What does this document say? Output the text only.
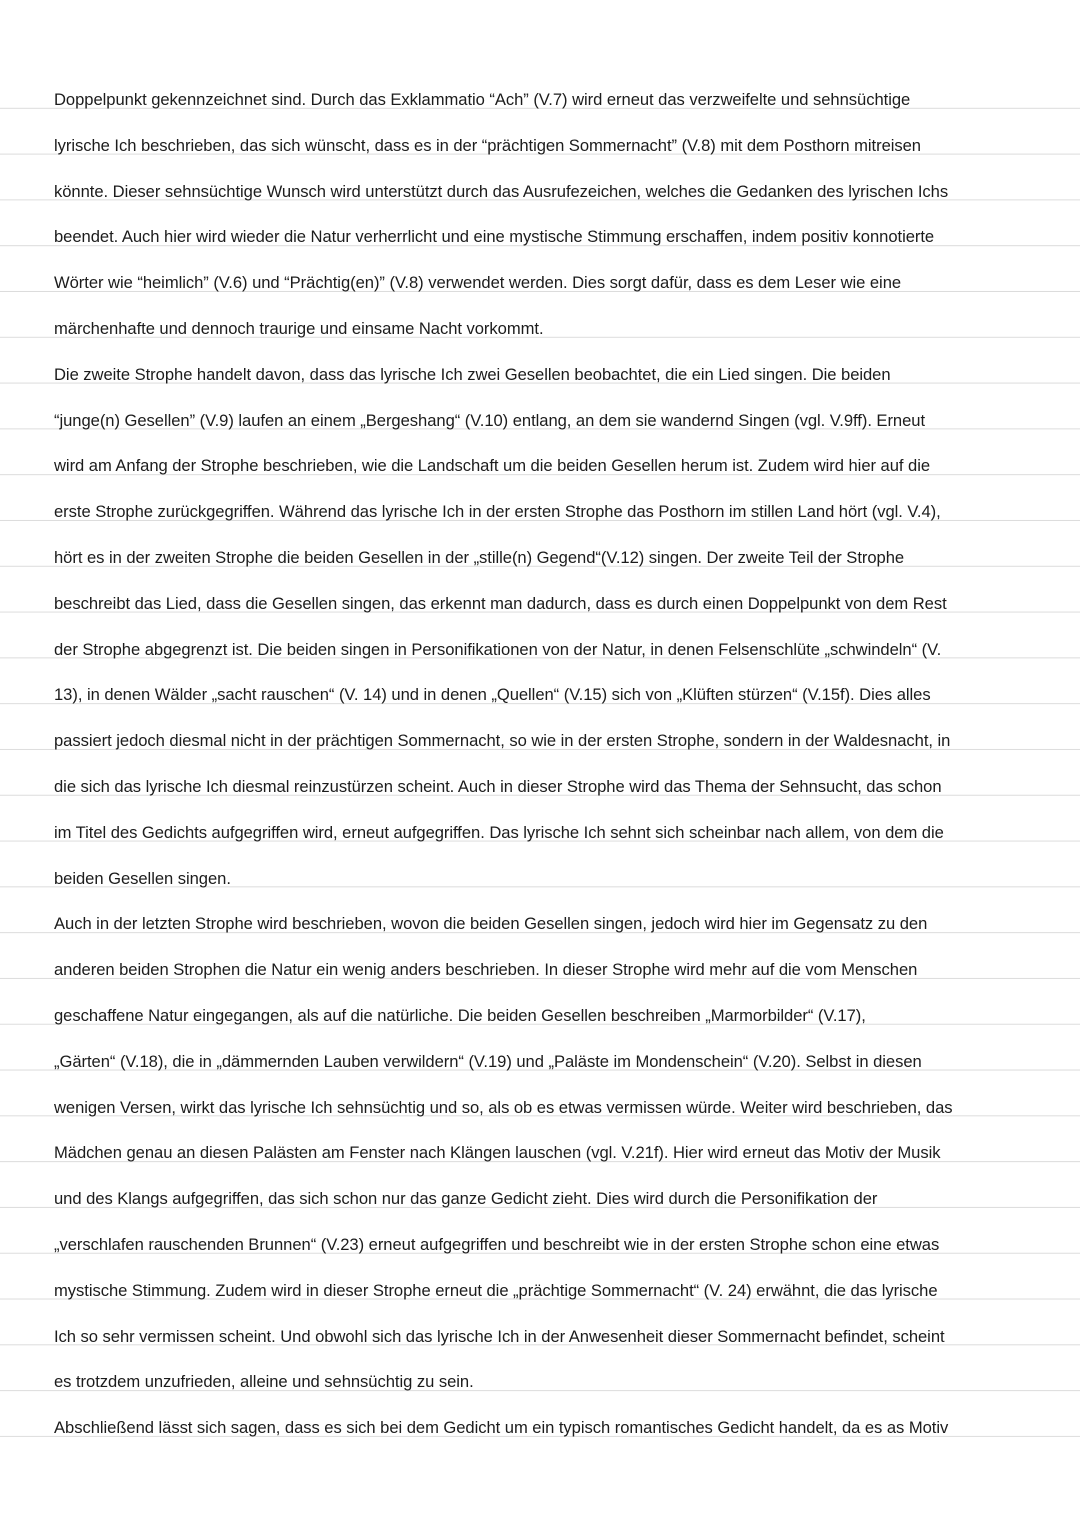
Doppelpunkt gekennzeichnet sind. Durch das Exklammatio “Ach” (V.7) wird erneut das verzweifelte und sehnsüchtige
lyrische Ich beschrieben, das sich wünscht, dass es in der “prächtigen Sommernacht” (V.8) mit dem Posthorn mitreisen
könnte. Dieser sehnsüchtige Wunsch wird unterstützt durch das Ausrufezeichen, welches die Gedanken des lyrischen Ichs
beendet. Auch hier wird wieder die Natur verherrlicht und eine mystische Stimmung erschaffen, indem positiv konnotierte
Wörter wie “heimlich” (V.6) und “Prächtig(en)” (V.8) verwendet werden. Dies sorgt dafür, dass es dem Leser wie eine
märchenhafte und dennoch traurige und einsame Nacht vorkommt.
Die zweite Strophe handelt davon, dass das lyrische Ich zwei Gesellen beobachtet, die ein Lied singen. Die beiden
“junge(n) Gesellen” (V.9) laufen an einem „Bergeshang“ (V.10) entlang, an dem sie wandernd Singen (vgl. V.9ff). Erneut
wird am Anfang der Strophe beschrieben, wie die Landschaft um die beiden Gesellen herum ist. Zudem wird hier auf die
erste Strophe zurückgegriffen. Während das lyrische Ich in der ersten Strophe das Posthorn im stillen Land hört (vgl. V.4),
hört es in der zweiten Strophe die beiden Gesellen in der „stille(n) Gegend“(V.12) singen. Der zweite Teil der Strophe
beschreibt das Lied, dass die Gesellen singen, das erkennt man dadurch, dass es durch einen Doppelpunkt von dem Rest
der Strophe abgegrenzt ist. Die beiden singen in Personifikationen von der Natur, in denen Felsenschlüte „schwindeln“ (V.
13), in denen Wälder „sacht rauschen“ (V. 14) und in denen „Quellen“ (V.15) sich von „Klüften stürzen“ (V.15f). Dies alles
passiert jedoch diesmal nicht in der prächtigen Sommernacht, so wie in der ersten Strophe, sondern in der Waldesnacht, in
die sich das lyrische Ich diesmal reinzustürzen scheint. Auch in dieser Strophe wird das Thema der Sehnsucht, das schon
im Titel des Gedichts aufgegriffen wird, erneut aufgegriffen. Das lyrische Ich sehnt sich scheinbar nach allem, von dem die
beiden Gesellen singen.
Auch in der letzten Strophe wird beschrieben, wovon die beiden Gesellen singen, jedoch wird hier im Gegensatz zu den
anderen beiden Strophen die Natur ein wenig anders beschrieben. In dieser Strophe wird mehr auf die vom Menschen
geschaffene Natur eingegangen, als auf die natürliche. Die beiden Gesellen beschreiben „Marmorbilder“ (V.17),
„Gärten“ (V.18), die in „dämmernden Lauben verwildern“ (V.19) und „Paläste im Mondenschein“ (V.20). Selbst in diesen
wenigen Versen, wirkt das lyrische Ich sehnsüchtig und so, als ob es etwas vermissen würde. Weiter wird beschrieben, das
Mädchen genau an diesen Palästen am Fenster nach Klängen lauschen (vgl. V.21f). Hier wird erneut das Motiv der Musik
und des Klangs aufgegriffen, das sich schon nur das ganze Gedicht zieht. Dies wird durch die Personifikation der
„verschlafen rauschenden Brunnen“ (V.23) erneut aufgegriffen und beschreibt wie in der ersten Strophe schon eine etwas
mystische Stimmung. Zudem wird in dieser Strophe erneut die „prächtige Sommernacht“ (V. 24) erwähnt, die das lyrische
Ich so sehr vermissen scheint. Und obwohl sich das lyrische Ich in der Anwesenheit dieser Sommernacht befindet, scheint
es trotzdem unzufrieden, alleine und sehnsüchtig zu sein.
Abschließend lässt sich sagen, dass es sich bei dem Gedicht um ein typisch romantisches Gedicht handelt, da es as Motiv
